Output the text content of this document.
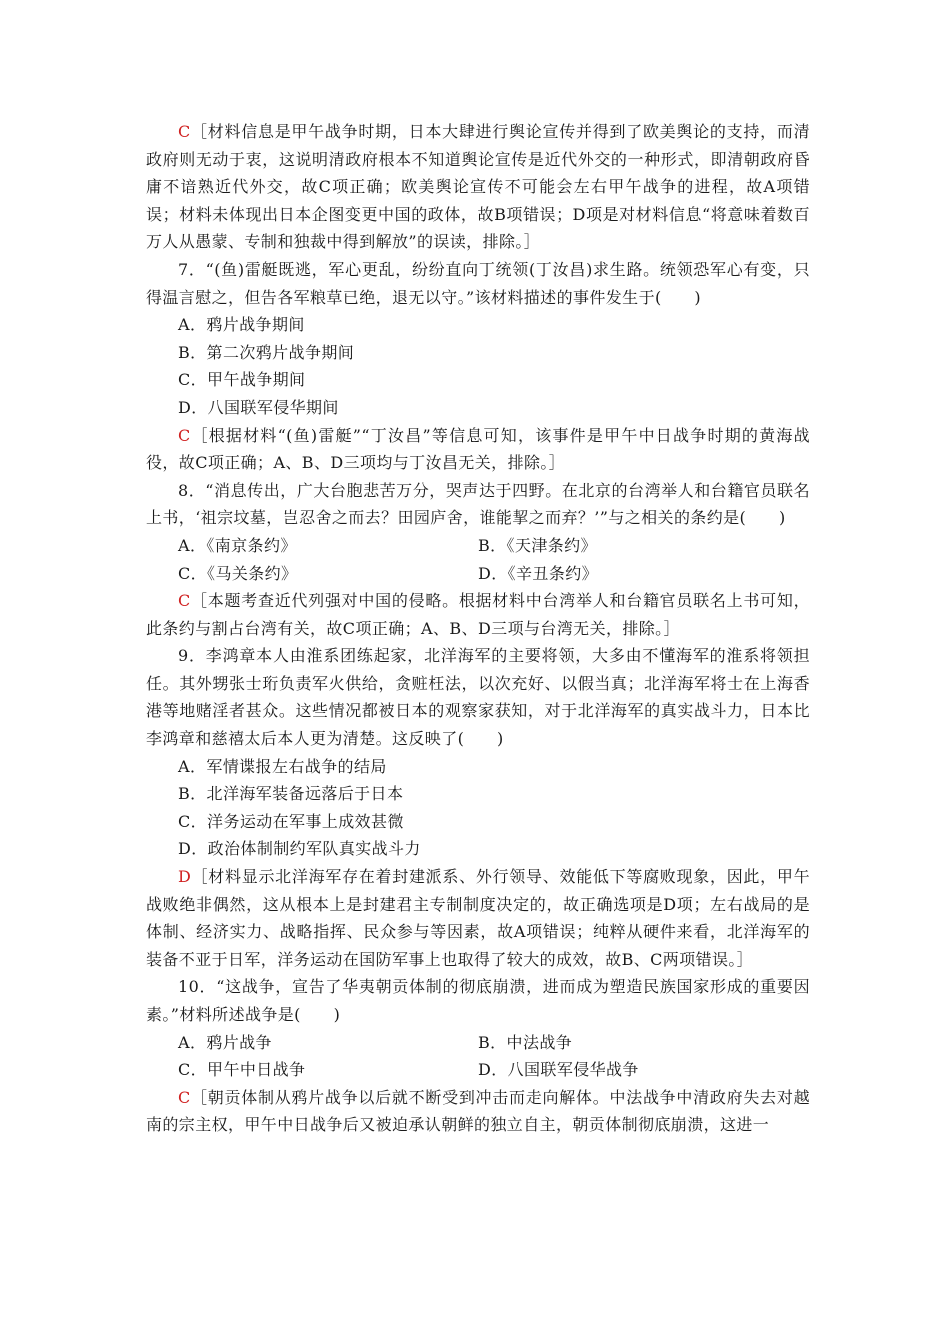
C［材料信息是甲午战争时期，日本大肆进行舆论宣传并得到了欧美舆论的支持，而清政府则无动于衷，这说明清政府根本不知道舆论宣传是近代外交的一种形式，即清朝政府昏庸不谙熟近代外交，故C项正确；欧美舆论宣传不可能会左右甲午战争的进程，故A项错误；材料未体现出日本企图变更中国的政体，故B项错误；D项是对材料信息“将意味着数百万人从愚蒙、专制和独裁中得到解放”的误读，排除。］

7．“(鱼)雷艇既逃，军心更乱，纷纷直向丁统领(丁汝昌)求生路。统领恐军心有变，只得温言慰之，但告各军粮草已绝，退无以守。”该材料描述的事件发生于(　　)

A．鸦片战争期间

B．第二次鸦片战争期间

C．甲午战争期间

D．八国联军侵华期间

C［根据材料“(鱼)雷艇”“丁汝昌”等信息可知，该事件是甲午中日战争时期的黄海战役，故C项正确；A、B、D三项均与丁汝昌无关，排除。］

8．“消息传出，广大台胞悲苦万分，哭声达于四野。在北京的台湾举人和台籍官员联名上书，‘祖宗坟墓，岂忍舍之而去？田园庐舍，谁能挈之而弃？’”与之相关的条约是(　　)

A．《南京条约》	B．《天津条约》
C．《马关条约》	D．《辛丑条约》

C［本题考查近代列强对中国的侵略。根据材料中台湾举人和台籍官员联名上书可知，此条约与割占台湾有关，故C项正确；A、B、D三项与台湾无关，排除。］

9．李鸿章本人由淮系团练起家，北洋海军的主要将领，大多由不懂海军的淮系将领担任。其外甥张士珩负责军火供给，贪赃枉法，以次充好、以假当真；北洋海军将士在上海香港等地赌淫者甚众。这些情况都被日本的观察家获知，对于北洋海军的真实战斗力，日本比李鸿章和慈禧太后本人更为清楚。这反映了(　　)

A．军情谍报左右战争的结局

B．北洋海军装备远落后于日本

C．洋务运动在军事上成效甚微

D．政治体制制约军队真实战斗力

D［材料显示北洋海军存在着封建派系、外行领导、效能低下等腐败现象，因此，甲午战败绝非偶然，这从根本上是封建君主专制制度决定的，故正确选项是D项；左右战局的是体制、经济实力、战略指挥、民众参与等因素，故A项错误；纯粹从硬件来看，北洋海军的装备不亚于日军，洋务运动在国防军事上也取得了较大的成效，故B、C两项错误。］

10．“这战争，宣告了华夷朝贡体制的彻底崩溃，进而成为塑造民族国家形成的重要因素。”材料所述战争是(　　)

A．鸦片战争	B．中法战争
C．甲午中日战争	D．八国联军侵华战争

C［朝贡体制从鸦片战争以后就不断受到冲击而走向解体。中法战争中清政府失去对越南的宗主权，甲午中日战争后又被迫承认朝鲜的独立自主，朝贡体制彻底崩溃，这进一
